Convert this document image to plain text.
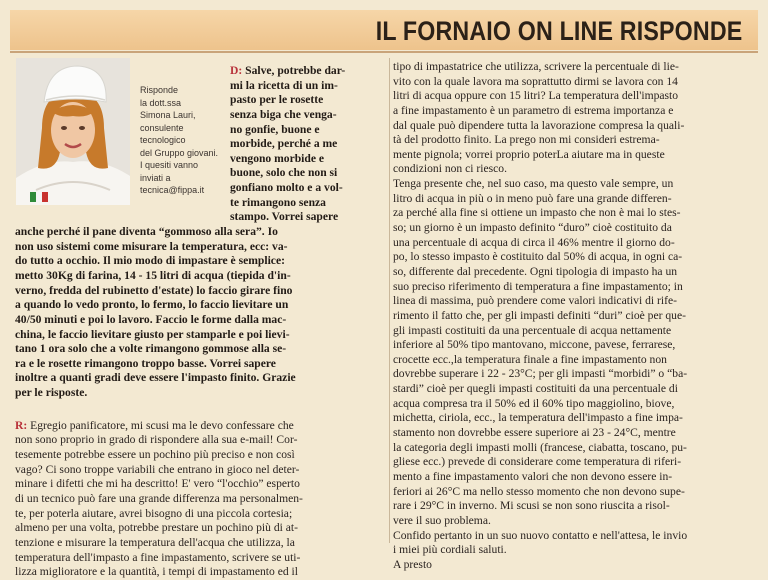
IL FORNAIO ON LINE RISPONDE
Risponde
la dott.ssa
Simona Lauri,
consulente
tecnologico
del Gruppo giovani.
I quesiti vanno
inviati a
tecnica@fippa.it
D: Salve, potrebbe dar-
mi la ricetta di un im-
pasto per le rosette
senza biga che venga-
no gonfie, buone e
morbide, perché a me
vengono morbide e
buone, solo che non si
gonfiano molto e a vol-
te rimangono senza
stampo. Vorrei sapere
anche perché il pane diventa “gommoso alla sera”. Io
non uso sistemi come misurare la temperatura, ecc: va-
do tutto a occhio. Il mio modo di impastare è semplice:
metto 30Kg di farina, 14 - 15 litri di acqua (tiepida d'in-
verno, fredda del rubinetto d'estate) lo faccio girare fino
a quando lo vedo pronto, lo fermo, lo faccio lievitare un
40/50 minuti e poi lo lavoro. Faccio le forme dalla mac-
china, le faccio lievitare giusto per stamparle e poi lievi-
tano 1 ora solo che a volte rimangono gommose alla se-
ra e le rosette rimangono troppo basse. Vorrei sapere
inoltre a quanti gradi deve essere l'impasto finito. Grazie
per le risposte.
R: Egregio panificatore, mi scusi ma le devo confessare che
non sono proprio in grado di rispondere alla sua e-mail! Cor-
tesemente potrebbe essere un pochino più preciso e non così
vago? Ci sono troppe variabili che entrano in gioco nel deter-
minare i difetti che mi ha descritto! E' vero “l'occhio” esperto
di un tecnico può fare una grande differenza ma personalmen-
te, per poterla aiutare, avrei bisogno di una piccola cortesia;
almeno per una volta, potrebbe prestare un pochino più di at-
tenzione e misurare la temperatura dell'acqua che utilizza, la
temperatura dell'impasto a fine impastamento, scrivere se uti-
lizza miglioratore e la quantità, i tempi di impastamento ed il
tipo di impastatrice che utilizza, scrivere la percentuale di lie-
vito con la quale lavora ma soprattutto dirmi se lavora con 14
litri di acqua oppure con 15 litri? La temperatura dell'impasto
a fine impastamento è un parametro di estrema importanza e
dal quale può dipendere tutta la lavorazione compresa la quali-
tà del prodotto finito. La prego non mi consideri estrema-
mente pignola; vorrei proprio poterLa aiutare ma in queste
condizioni non ci riesco.
Tenga presente che, nel suo caso, ma questo vale sempre, un
litro di acqua in più o in meno può fare una grande differen-
za perché alla fine si ottiene un impasto che non è mai lo stes-
so; un giorno è un impasto definito “duro” cioè costituito da
una percentuale di acqua di circa il 46% mentre il giorno do-
po, lo stesso impasto è costituito dal 50% di acqua, in ogni ca-
so, differente dal precedente. Ogni tipologia di impasto ha un
suo preciso riferimento di temperatura a fine impastamento; in
linea di massima, può prendere come valori indicativi di rife-
rimento il fatto che, per gli impasti definiti “duri” cioè per que-
gli impasti costituiti da una percentuale di acqua nettamente
inferiore al 50% tipo mantovano, miccone, pavese, ferrarese,
crocette ecc.,la temperatura finale a fine impastamento non
dovrebbe superare i 22 - 23°C; per gli impasti “morbidi” o “ba-
stardi” cioè per quegli impasti costituiti da una percentuale di
acqua compresa tra il 50% ed il 60% tipo maggiolino, biove,
michetta, ciriola, ecc., la temperatura dell'impasto a fine impa-
stamento non dovrebbe essere superiore ai 23 - 24°C, mentre
la categoria degli impasti molli (francese, ciabatta, toscano, pu-
gliese ecc.) prevede di considerare come temperatura di riferi-
mento a fine impastamento valori che non devono essere in-
feriori ai 26°C ma nello stesso momento che non devono supe-
rare i 29°C in inverno. Mi scusi se non sono riuscita a risol-
vere il suo problema.
Confido pertanto in un suo nuovo contatto e nell'attesa, le invio
i miei più cordiali saluti.
A presto
